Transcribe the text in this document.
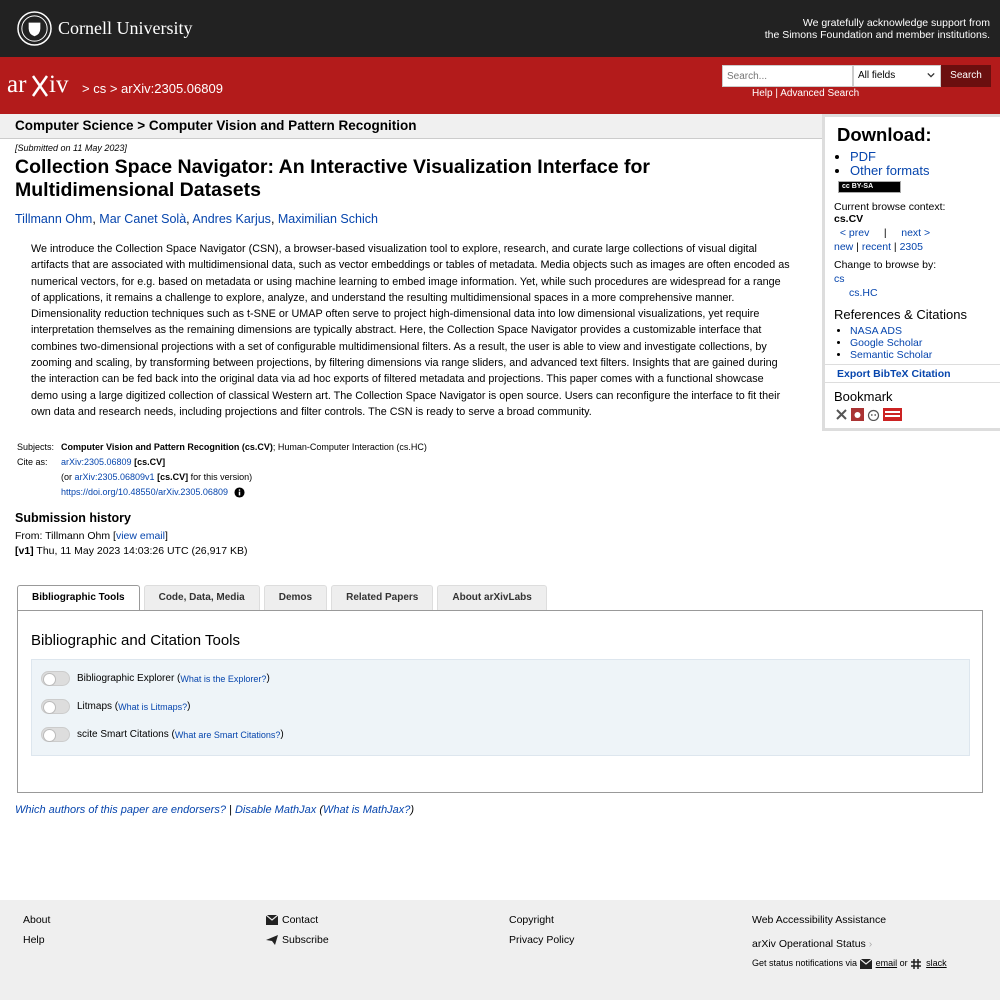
Cornell University	We gratefully acknowledge support from
the Simons Foundation and member institutions.
ar iv > cs > arXiv:2305.06809
Search...
All fields	Search
Help | Advanced Search
Computer Science > Computer Vision and Pattern Recognition
[Submitted on 11 May 2023]
Collection Space Navigator: An Interactive Visualization Interface for Multidimensional Datasets
Tillmann Ohm, Mar Canet Solà, Andres Karjus, Maximilian Schich
We introduce the Collection Space Navigator (CSN), a browser-based visualization tool to explore, research, and curate large collections of visual digital artifacts that are associated with multidimensional data, such as vector embeddings or tables of metadata. Media objects such as images are often encoded as numerical vectors, for e.g. based on metadata or using machine learning to embed image information. Yet, while such procedures are widespread for a range of applications, it remains a challenge to explore, analyze, and understand the resulting multidimensional spaces in a more comprehensive manner. Dimensionality reduction techniques such as t-SNE or UMAP often serve to project high-dimensional data into low dimensional visualizations, yet require interpretation themselves as the remaining dimensions are typically abstract. Here, the Collection Space Navigator provides a customizable interface that combines two-dimensional projections with a set of configurable multidimensional filters. As a result, the user is able to view and investigate collections, by zooming and scaling, by transforming between projections, by filtering dimensions via range sliders, and advanced text filters. Insights that are gained during the interaction can be fed back into the original data via ad hoc exports of filtered metadata and projections. This paper comes with a functional showcase demo using a large digitized collection of classical Western art. The Collection Space Navigator is open source. Users can reconfigure the interface to fit their own data and research needs, including projections and filter controls. The CSN is ready to serve a broad community.
Subjects: Computer Vision and Pattern Recognition (cs.CV); Human-Computer Interaction (cs.HC)
Cite as:	arXiv:2305.06809 [cs.CV]
(or arXiv:2305.06809v1 [cs.CV] for this version)
https://doi.org/10.48550/arXiv.2305.06809
Submission history
From: Tillmann Ohm [view email]
[v1] Thu, 11 May 2023 14:03:26 UTC (26,917 KB)
Bibliographic Tools	Code, Data, Media	Demos	Related Papers	About arXivLabs
Bibliographic and Citation Tools
Bibliographic Explorer ( What is the Explorer? )
Litmaps ( What is Litmaps? )
scite Smart Citations ( What are Smart Citations? )
Which authors of this paper are endorsers? | Disable MathJax (What is MathJax?)
Download:
• PDF
• Other formats
cc BY-SA
Current browse context:
cs.CV
< prev | next >
new | recent | 2305
Change to browse by:
cs
cs.HC
References & Citations
• NASA ADS
• Google Scholar
• Semantic Scholar
Export BibTeX Citation
Bookmark
About
Help
Contact
Subscribe
Copyright
Privacy Policy
Web Accessibility Assistance
arXiv Operational Status ›
Get status notifications via email or slack
